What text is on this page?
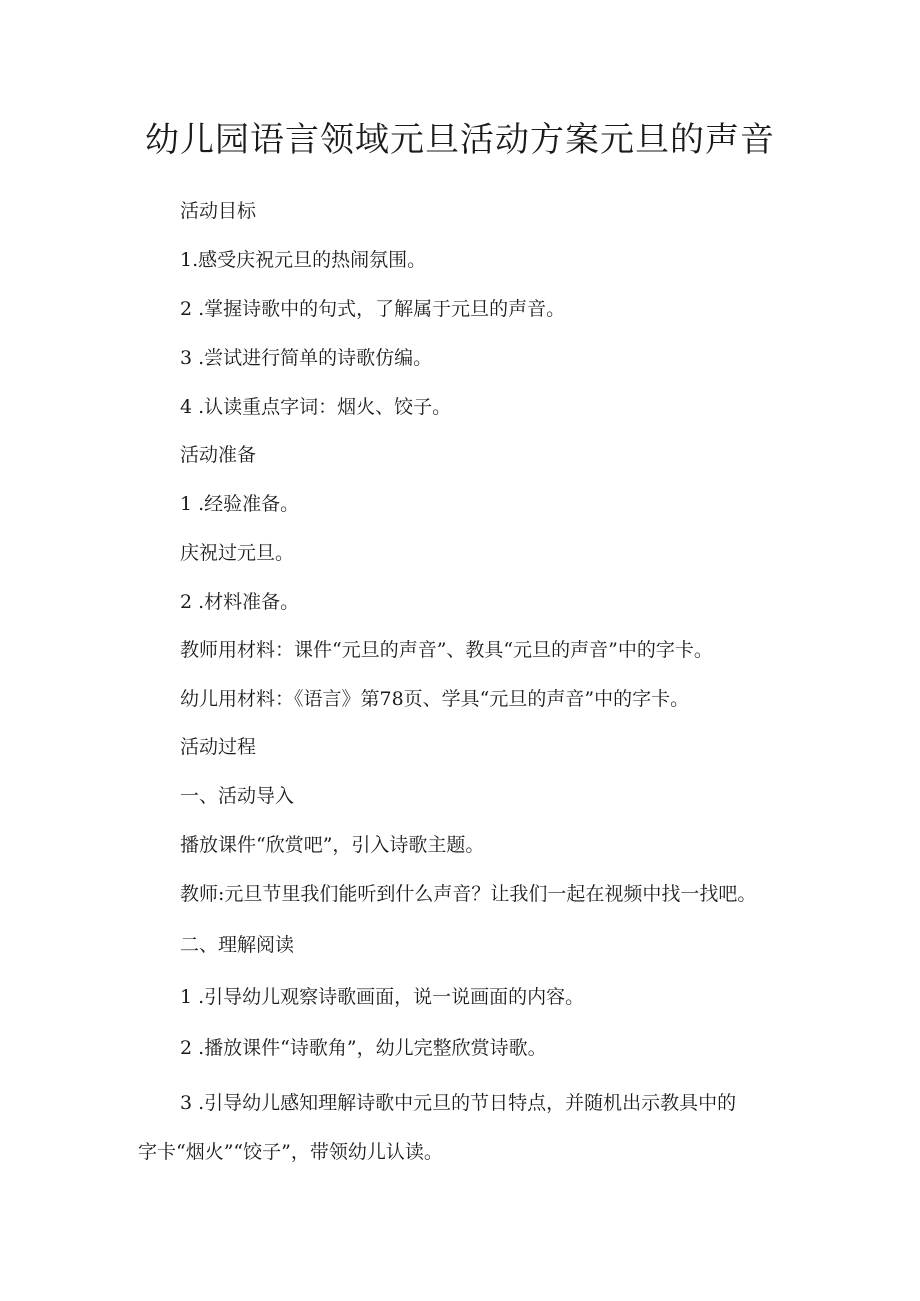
幼儿园语言领域元旦活动方案元旦的声音
活动目标
1.感受庆祝元旦的热闹氛围。
2 .掌握诗歌中的句式，了解属于元旦的声音。
3 .尝试进行简单的诗歌仿编。
4 .认读重点字词：烟火、饺子。
活动准备
1 .经验准备。
庆祝过元旦。
2 .材料准备。
教师用材料：课件“元旦的声音”、教具“元旦的声音”中的字卡。
幼儿用材料：《语言》第78页、学具“元旦的声音”中的字卡。
活动过程
一、活动导入
播放课件“欣赏吧”，引入诗歌主题。
教师:元旦节里我们能听到什么声音？让我们一起在视频中找一找吧。
二、理解阅读
1 .引导幼儿观察诗歌画面，说一说画面的内容。
2 .播放课件“诗歌角”，幼儿完整欣赏诗歌。
3 .引导幼儿感知理解诗歌中元旦的节日特点，并随机出示教具中的
字卡“烟火”“饺子”，带领幼儿认读。
